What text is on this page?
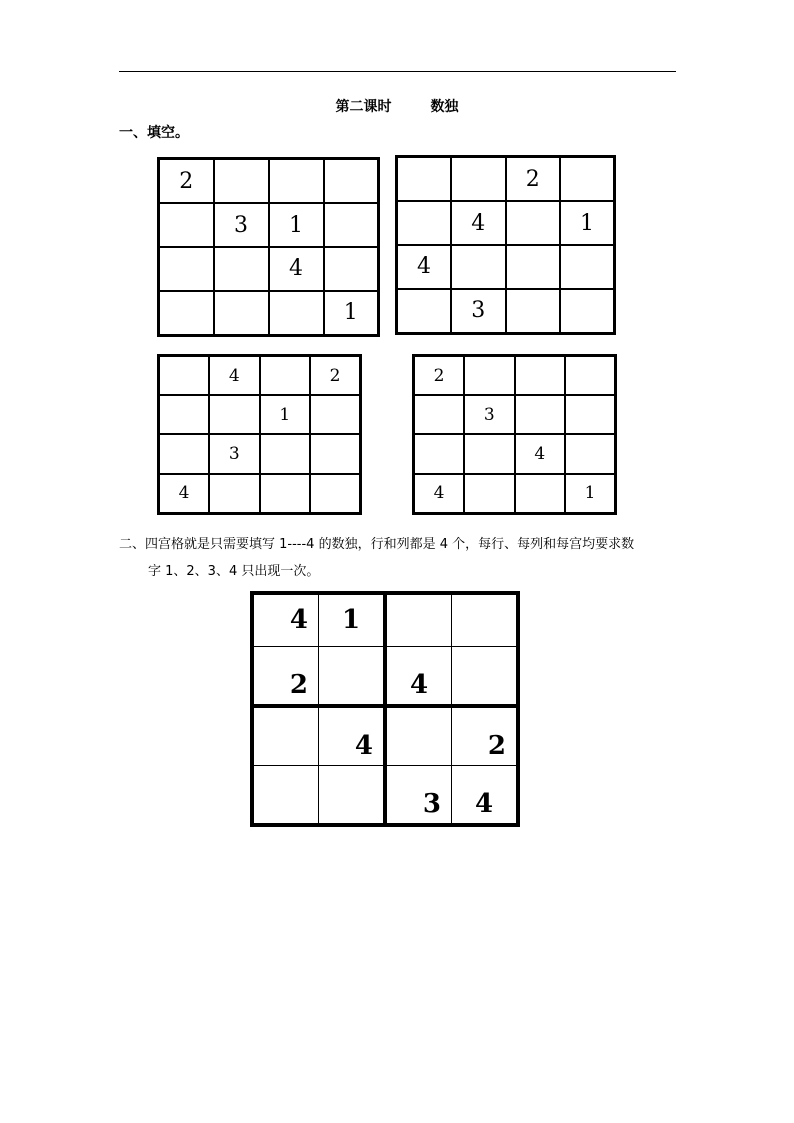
第二课时        数独
一、填空。
2			
	3	1	
		4	
			1
		2	
	4		1
4			
	3		
	4		2
		1	
	3		
4			
2			
	3		
		4	
4			1
二、四宫格就是只需要填写 1----4 的数独，行和列都是 4 个，每行、每列和每宫均要求数
字 1、2、3、4 只出现一次。
4	1		
2		4	
	4		2
		3	4
